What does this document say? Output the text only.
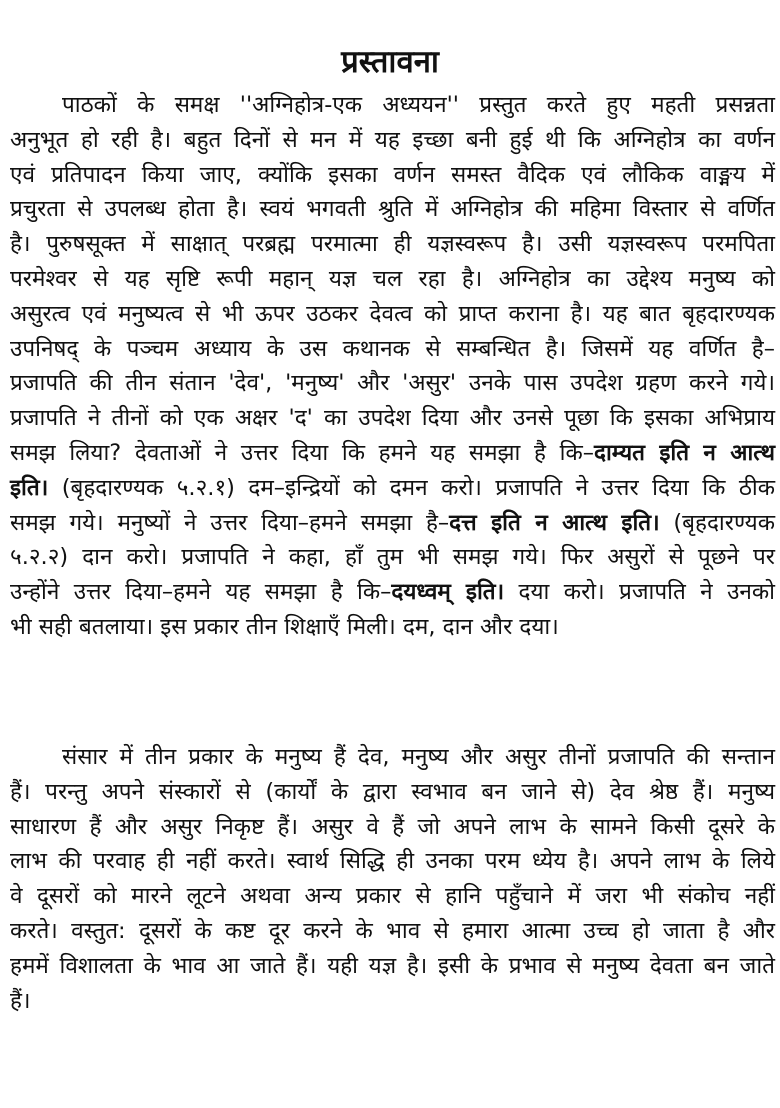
प्रस्तावना
पाठकों के समक्ष ''अग्निहोत्र-एक अध्ययन'' प्रस्तुत करते हुए महती प्रसन्नता
अनुभूत हो रही है। बहुत दिनों से मन में यह इच्छा बनी हुई थी कि अग्निहोत्र का वर्णन
एवं प्रतिपादन किया जाए, क्योंकि इसका वर्णन समस्त वैदिक एवं लौकिक वाङ्मय में
प्रचुरता से उपलब्ध होता है। स्वयं भगवती श्रुति में अग्निहोत्र की महिमा विस्तार से वर्णित
है। पुरुषसूक्त में साक्षात् परब्रह्म परमात्मा ही यज्ञस्वरूप है। उसी यज्ञस्वरूप परमपिता
परमेश्वर से यह सृष्टि रूपी महान् यज्ञ चल रहा है। अग्निहोत्र का उद्देश्य मनुष्य को
असुरत्व एवं मनुष्यत्व से भी ऊपर उठकर देवत्व को प्राप्त कराना है। यह बात बृहदारण्यक
उपनिषद् के पञ्चम अध्याय के उस कथानक से सम्बन्धित है। जिसमें यह वर्णित है–
प्रजापति की तीन संतान 'देव', 'मनुष्य' और 'असुर' उनके पास उपदेश ग्रहण करने गये।
प्रजापति ने तीनों को एक अक्षर 'द' का उपदेश दिया और उनसे पूछा कि इसका अभिप्राय
समझ लिया? देवताओं ने उत्तर दिया कि हमने यह समझा है कि–दाम्यत इति न आत्थ
इति। (बृहदारण्यक ५.२.१) दम–इन्द्रियों को दमन करो। प्रजापति ने उत्तर दिया कि ठीक
समझ गये। मनुष्यों ने उत्तर दिया–हमने समझा है–दत्त इति न आत्थ इति। (बृहदारण्यक
५.२.२) दान करो। प्रजापति ने कहा, हाँ तुम भी समझ गये। फिर असुरों से पूछने पर
उन्होंने उत्तर दिया–हमने यह समझा है कि–दयध्वम् इति। दया करो। प्रजापति ने उनको
भी सही बतलाया। इस प्रकार तीन शिक्षाएँ मिली। दम, दान और दया।
संसार में तीन प्रकार के मनुष्य हैं देव, मनुष्य और असुर तीनों प्रजापति की सन्तान
हैं। परन्तु अपने संस्कारों से (कार्यों के द्वारा स्वभाव बन जाने से) देव श्रेष्ठ हैं। मनुष्य
साधारण हैं और असुर निकृष्ट हैं। असुर वे हैं जो अपने लाभ के सामने किसी दूसरे के
लाभ की परवाह ही नहीं करते। स्वार्थ सिद्धि ही उनका परम ध्येय है। अपने लाभ के लिये
वे दूसरों को मारने लूटने अथवा अन्य प्रकार से हानि पहुँचाने में जरा भी संकोच नहीं
करते। वस्तुत: दूसरों के कष्ट दूर करने के भाव से हमारा आत्मा उच्च हो जाता है और
हममें विशालता के भाव आ जाते हैं। यही यज्ञ है। इसी के प्रभाव से मनुष्य देवता बन जाते
हैं।
